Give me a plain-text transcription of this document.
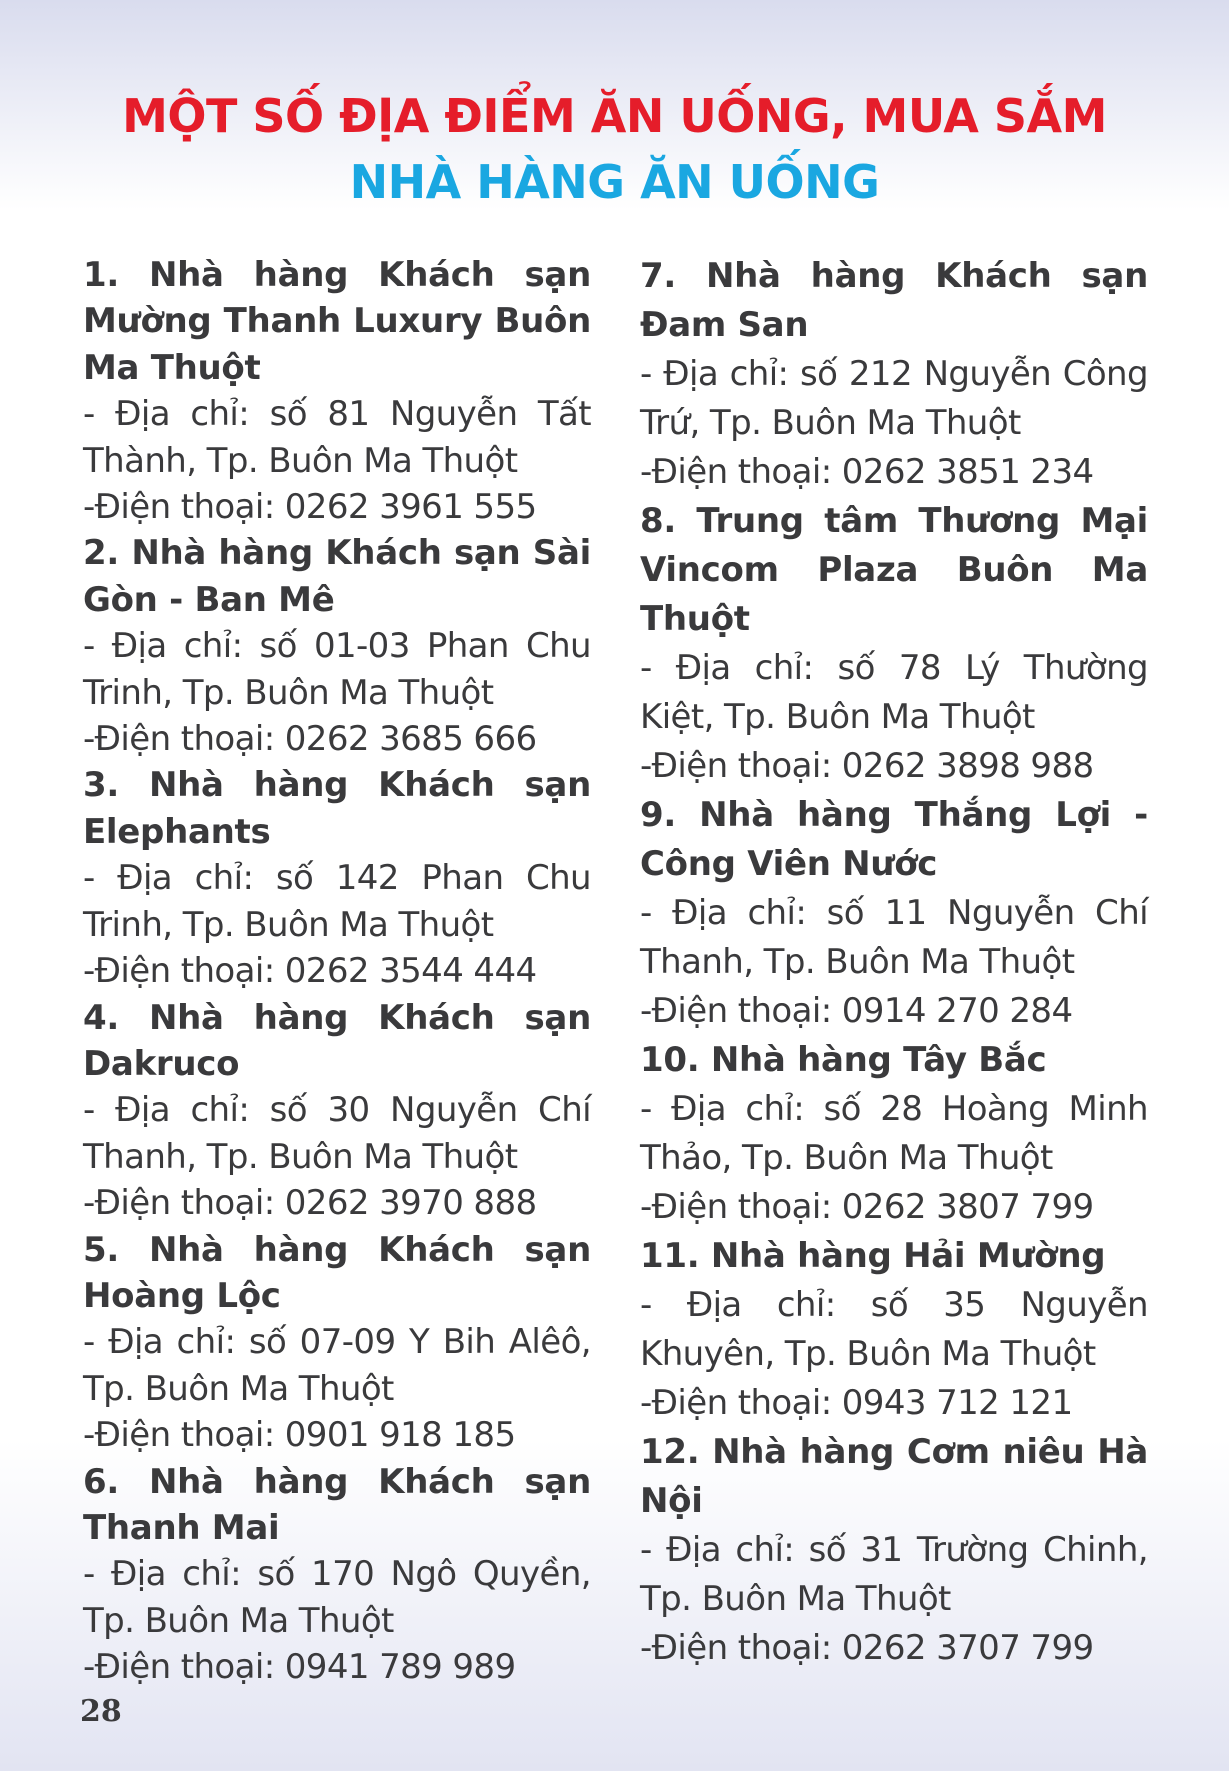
MỘT SỐ ĐỊA ĐIỂM ĂN UỐNG, MUA SẮM
NHÀ HÀNG ĂN UỐNG
1. Nhà hàng Khách sạn Mường Thanh Luxury Buôn Ma Thuột
- Địa chỉ: số 81 Nguyễn Tất Thành, Tp. Buôn Ma Thuột
-Điện thoại: 0262 3961 555
2. Nhà hàng Khách sạn Sài Gòn - Ban Mê
- Địa chỉ: số 01-03 Phan Chu Trinh, Tp. Buôn Ma Thuột
-Điện thoại: 0262 3685 666
3. Nhà hàng Khách sạn Elephants
- Địa chỉ: số 142 Phan Chu Trinh, Tp. Buôn Ma Thuột
-Điện thoại: 0262 3544 444
4. Nhà hàng Khách sạn Dakruco
- Địa chỉ: số 30 Nguyễn Chí Thanh, Tp. Buôn Ma Thuột
-Điện thoại: 0262 3970 888
5. Nhà hàng Khách sạn Hoàng Lộc
- Địa chỉ: số 07-09 Y Bih Alêô, Tp. Buôn Ma Thuột
-Điện thoại: 0901 918 185
6. Nhà hàng Khách sạn Thanh Mai
- Địa chỉ: số 170 Ngô Quyền, Tp. Buôn Ma Thuột
-Điện thoại: 0941 789 989
7. Nhà hàng Khách sạn Đam San
- Địa chỉ: số 212 Nguyễn Công Trứ, Tp. Buôn Ma Thuột
-Điện thoại: 0262 3851 234
8. Trung tâm Thương Mại Vincom Plaza Buôn Ma Thuột
- Địa chỉ: số 78 Lý Thường Kiệt, Tp. Buôn Ma Thuột
-Điện thoại: 0262 3898 988
9. Nhà hàng Thắng Lợi - Công Viên Nước
- Địa chỉ: số 11 Nguyễn Chí Thanh, Tp. Buôn Ma Thuột
-Điện thoại: 0914 270 284
10. Nhà hàng Tây Bắc
- Địa chỉ: số 28 Hoàng Minh Thảo, Tp. Buôn Ma Thuột
-Điện thoại: 0262 3807 799
11. Nhà hàng Hải Mường
- Địa chỉ: số 35 Nguyễn Khuyên, Tp. Buôn Ma Thuột
-Điện thoại: 0943 712 121
12. Nhà hàng Cơm niêu Hà Nội
- Địa chỉ: số 31 Trường Chinh, Tp. Buôn Ma Thuột
-Điện thoại: 0262 3707 799
28
